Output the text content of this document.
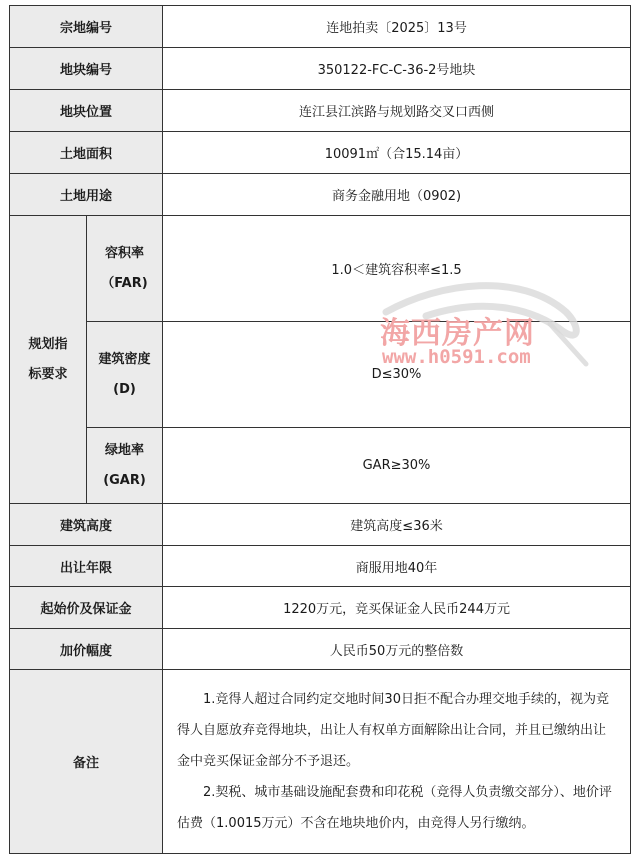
宗地编号		连地拍卖〔2025〕13号
地块编号		350122-FC-C-36-2号地块
地块位置		连江县江滨路与规划路交叉口西侧
土地面积		10091㎡（合15.14亩）
土地用途		商务金融用地（0902)
规划指标要求	容积率（FAR)	1.0＜建筑容积率≤1.5
	建筑密度(D)	D≤30%
	绿地率(GAR)	GAR≥30%
建筑高度		建筑高度≤36米
出让年限		商服用地40年
起始价及保证金		1220万元，竞买保证金人民币244万元
加价幅度		人民币50万元的整倍数
备注		1.竞得人超过合同约定交地时间30日拒不配合办理交地手续的，视为竞得人自愿放弃竞得地块，出让人有权单方面解除出让合同，并且已缴纳出让金中竞买保证金部分不予退还。

2.契税、城市基础设施配套费和印花税（竞得人负责缴交部分）、地价评估费（1.0015万元）不含在地块地价内，由竞得人另行缴纳。

海西房产网
www.h0591.com
